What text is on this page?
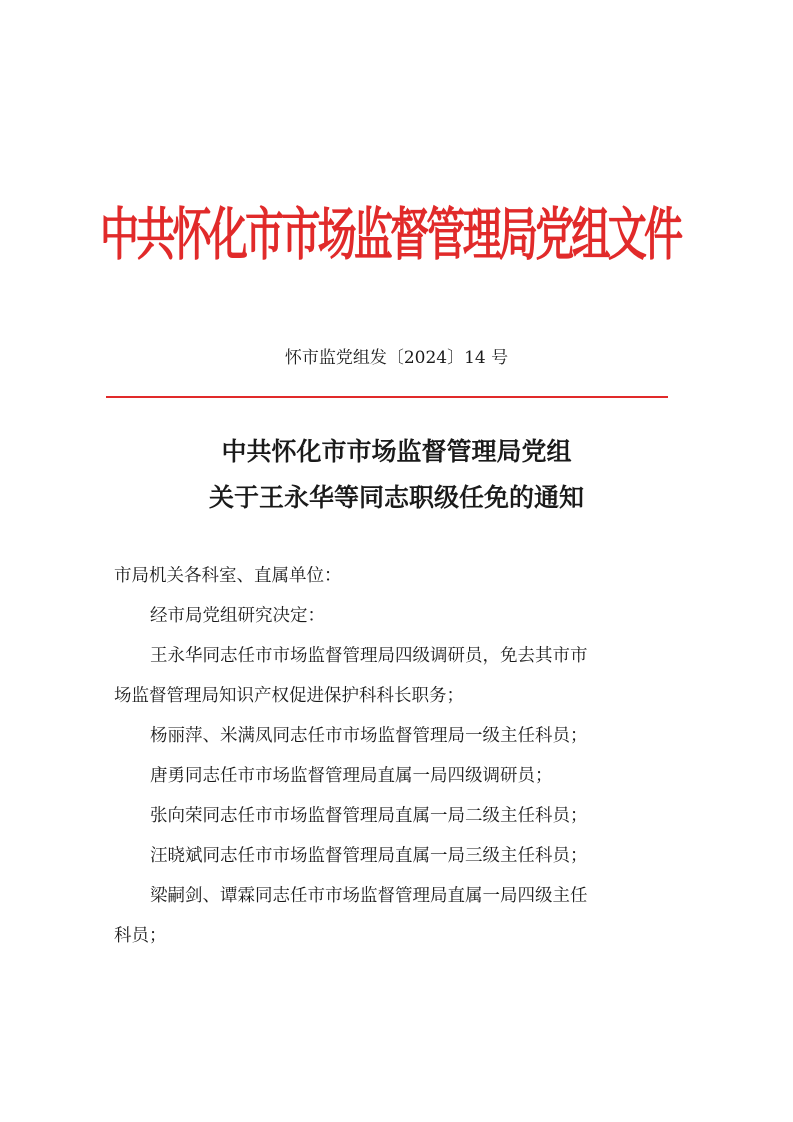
中共怀化市市场监督管理局党组文件
怀市监党组发〔2024〕14 号
中共怀化市市场监督管理局党组
关于王永华等同志职级任免的通知
市局机关各科室、直属单位：
经市局党组研究决定：
王永华同志任市市场监督管理局四级调研员，免去其市市
场监督管理局知识产权促进保护科科长职务；
杨丽萍、米满凤同志任市市场监督管理局一级主任科员；
唐勇同志任市市场监督管理局直属一局四级调研员；
张向荣同志任市市场监督管理局直属一局二级主任科员；
汪晓斌同志任市市场监督管理局直属一局三级主任科员；
梁嗣剑、谭霖同志任市市场监督管理局直属一局四级主任
科员；
